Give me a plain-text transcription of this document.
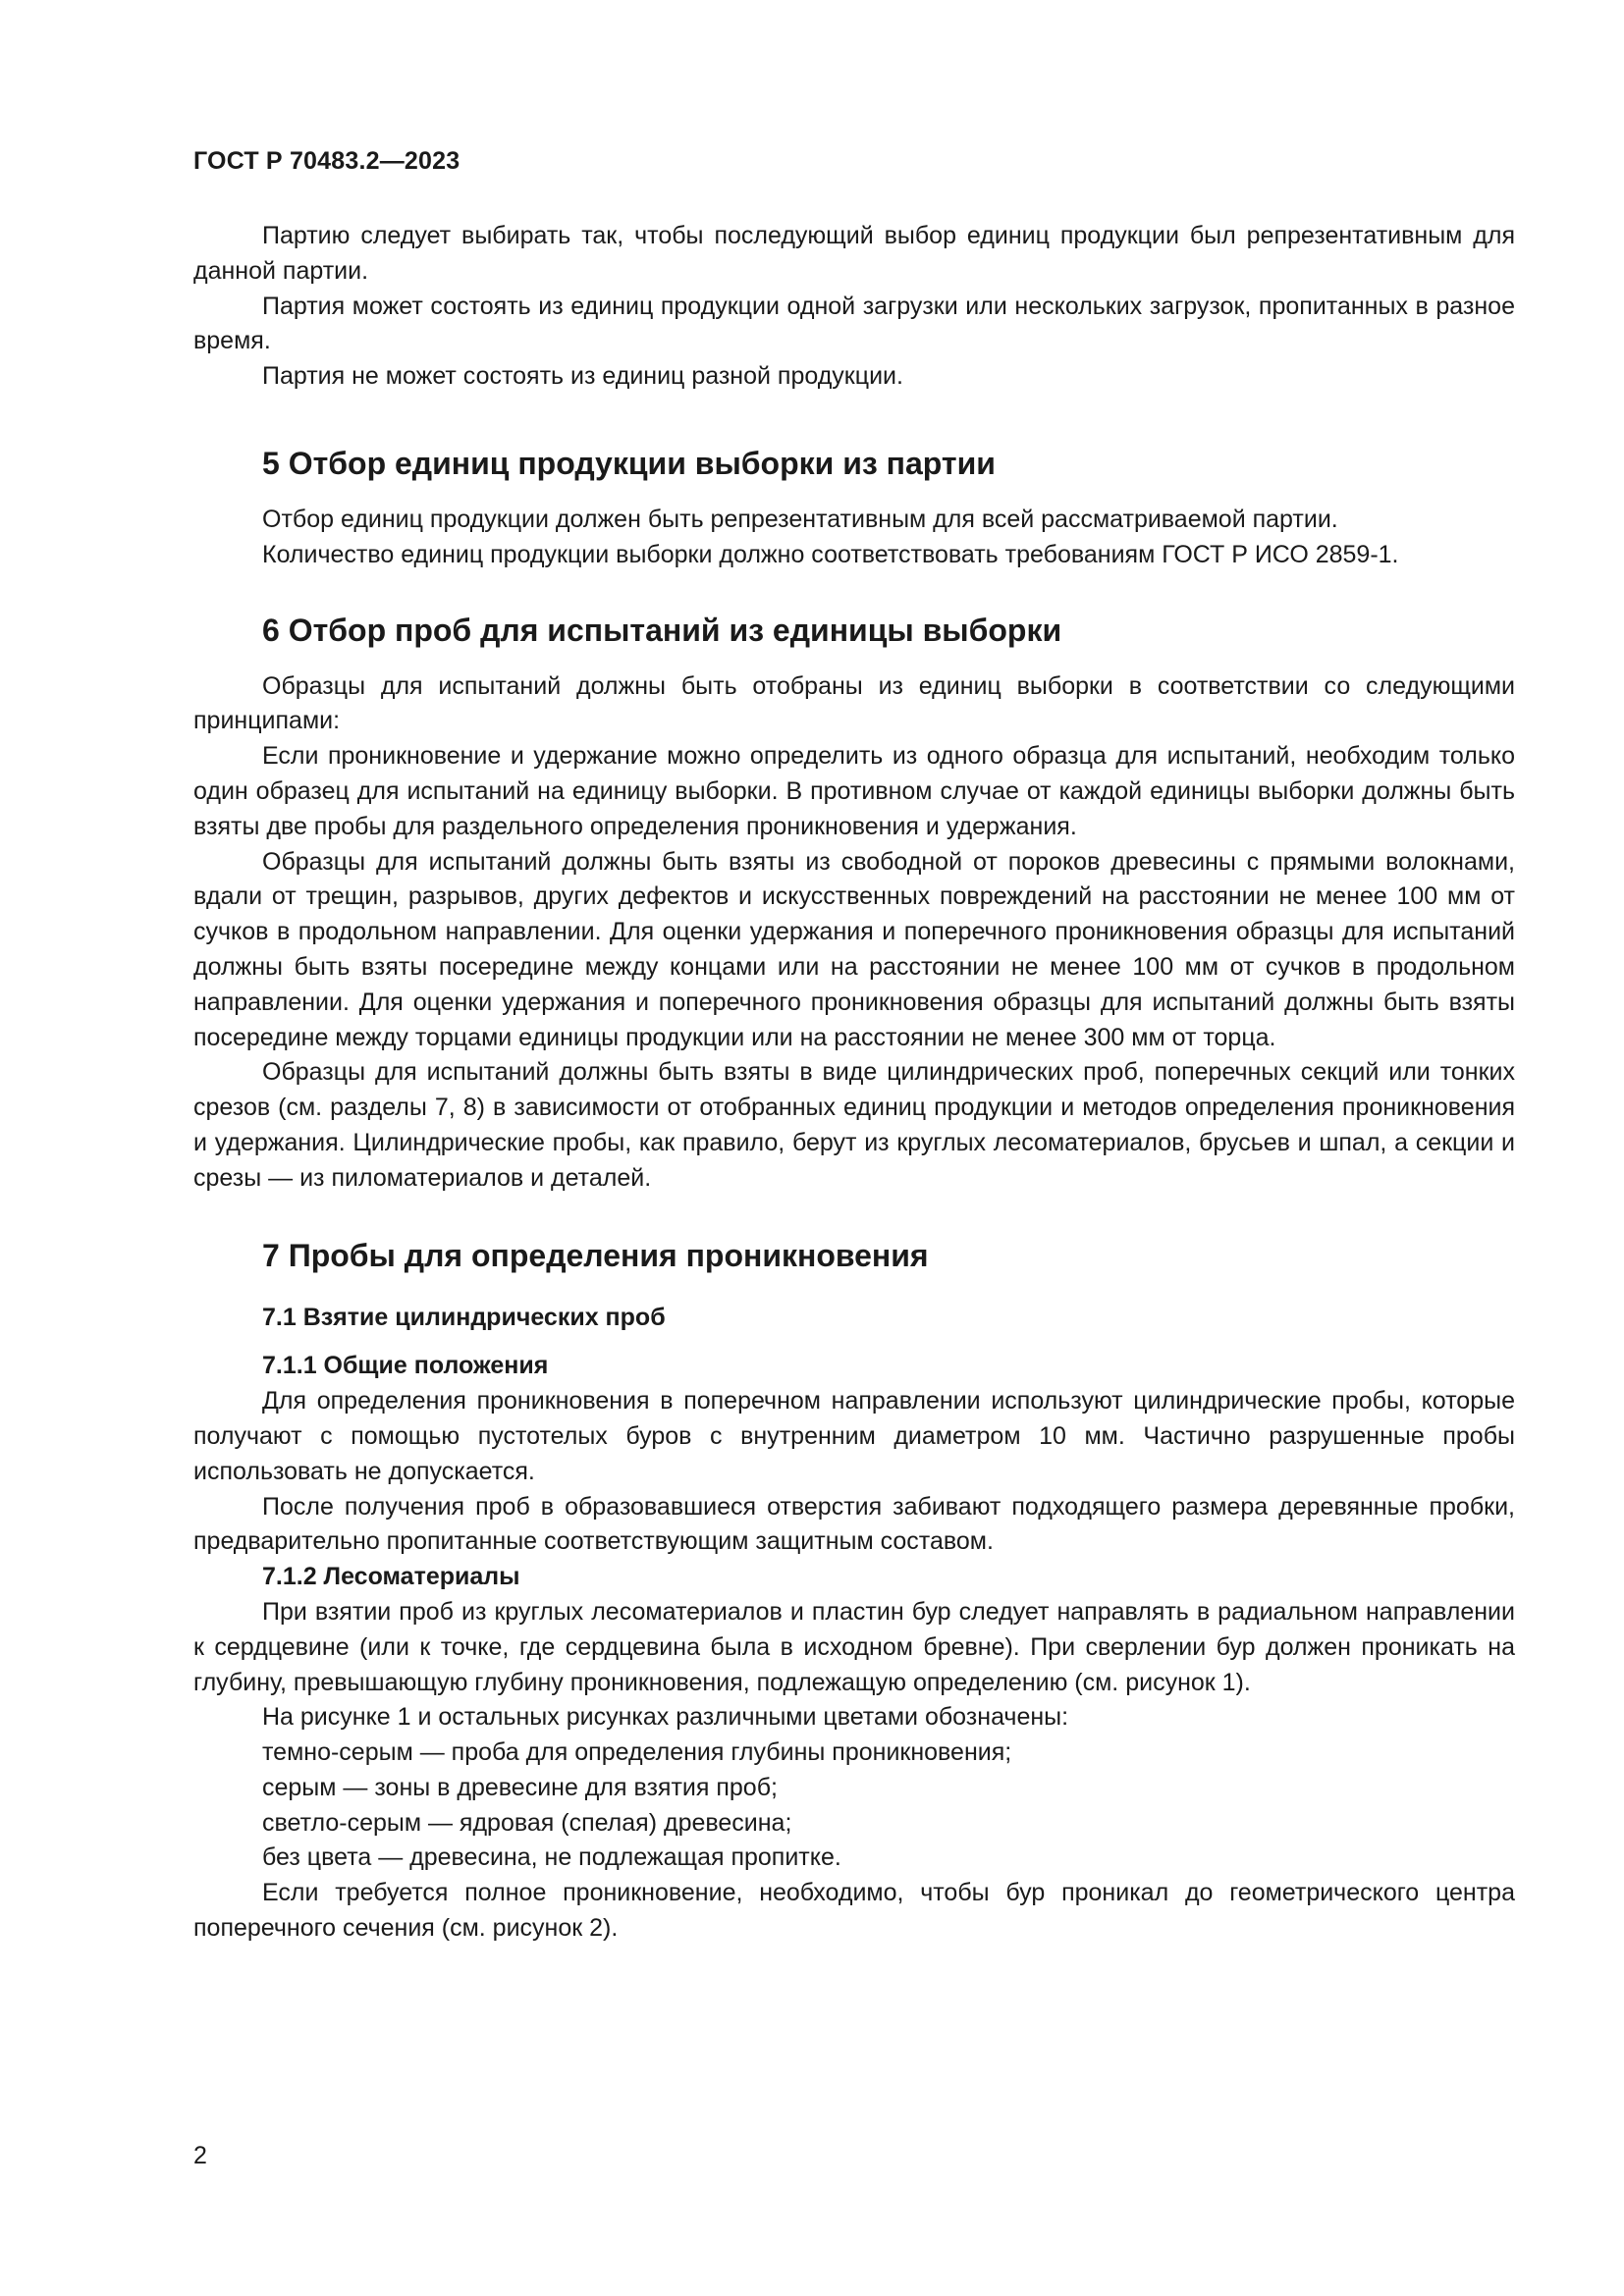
ГОСТ Р 70483.2—2023

Партию следует выбирать так, чтобы последующий выбор единиц продукции был репрезентативным для данной партии.

Партия может состоять из единиц продукции одной загрузки или нескольких загрузок, пропитанных в разное время.

Партия не может состоять из единиц разной продукции.

5 Отбор единиц продукции выборки из партии

Отбор единиц продукции должен быть репрезентативным для всей рассматриваемой партии.

Количество единиц продукции выборки должно соответствовать требованиям ГОСТ Р ИСО 2859-1.

6 Отбор проб для испытаний из единицы выборки

Образцы для испытаний должны быть отобраны из единиц выборки в соответствии со следующими принципами:

Если проникновение и удержание можно определить из одного образца для испытаний, необходим только один образец для испытаний на единицу выборки. В противном случае от каждой единицы выборки должны быть взяты две пробы для раздельного определения проникновения и удержания.

Образцы для испытаний должны быть взяты из свободной от пороков древесины с прямыми волокнами, вдали от трещин, разрывов, других дефектов и искусственных повреждений на расстоянии не менее 100 мм от сучков в продольном направлении. Для оценки удержания и поперечного проникновения образцы для испытаний должны быть взяты посередине между концами или на расстоянии не менее 100 мм от сучков в продольном направлении. Для оценки удержания и поперечного проникновения образцы для испытаний должны быть взяты посередине между торцами единицы продукции или на расстоянии не менее 300 мм от торца.

Образцы для испытаний должны быть взяты в виде цилиндрических проб, поперечных секций или тонких срезов (см. разделы 7, 8) в зависимости от отобранных единиц продукции и методов определения проникновения и удержания. Цилиндрические пробы, как правило, берут из круглых лесоматериалов, брусьев и шпал, а секции и срезы — из пиломатериалов и деталей.

7 Пробы для определения проникновения
7.1 Взятие цилиндрических проб
7.1.1 Общие положения

Для определения проникновения в поперечном направлении используют цилиндрические пробы, которые получают с помощью пустотелых буров с внутренним диаметром 10 мм. Частично разрушенные пробы использовать не допускается.

После получения проб в образовавшиеся отверстия забивают подходящего размера деревянные пробки, предварительно пропитанные соответствующим защитным составом.

7.1.2 Лесоматериалы

При взятии проб из круглых лесоматериалов и пластин бур следует направлять в радиальном направлении к сердцевине (или к точке, где сердцевина была в исходном бревне). При сверлении бур должен проникать на глубину, превышающую глубину проникновения, подлежащую определению (см. рисунок 1).

На рисунке 1 и остальных рисунках различными цветами обозначены:

темно-серым — проба для определения глубины проникновения;

серым — зоны в древесине для взятия проб;

светло-серым — ядровая (спелая) древесина;

без цвета — древесина, не подлежащая пропитке.

Если требуется полное проникновение, необходимо, чтобы бур проникал до геометрического центра поперечного сечения (см. рисунок 2).

2
